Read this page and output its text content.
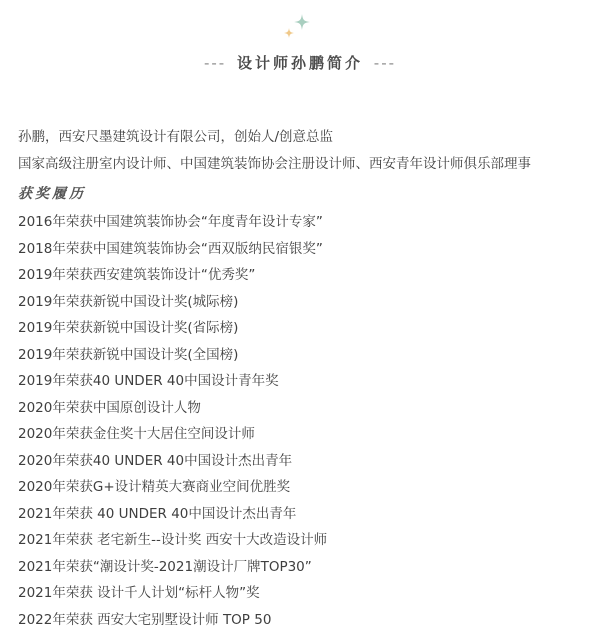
--- 设计师孙鹏简介 ---
孙鹏，西安尺墨建筑设计有限公司，创始人/创意总监
国家高级注册室内设计师、中国建筑装饰协会注册设计师、西安青年设计师俱乐部理事
获奖履历
2016年荣获中国建筑装饰协会“年度青年设计专家”
2018年荣获中国建筑装饰协会“西双版纳民宿银奖”
2019年荣获西安建筑装饰设计“优秀奖”
2019年荣获新锐中国设计奖(城际榜)
2019年荣获新锐中国设计奖(省际榜)
2019年荣获新锐中国设计奖(全国榜)
2019年荣获40 UNDER 40中国设计青年奖
2020年荣获中国原创设计人物
2020年荣获金住奖十大居住空间设计师
2020年荣获40 UNDER 40中国设计杰出青年
2020年荣获G+设计精英大赛商业空间优胜奖
2021年荣获 40 UNDER 40中国设计杰出青年
2021年荣获 老宅新生--设计奖 西安十大改造设计师
2021年荣获“潮设计奖-2021潮设计厂牌TOP30”
2021年荣获 设计千人计划“标杆人物”奖
2022年荣获 西安大宅别墅设计师 TOP 50
